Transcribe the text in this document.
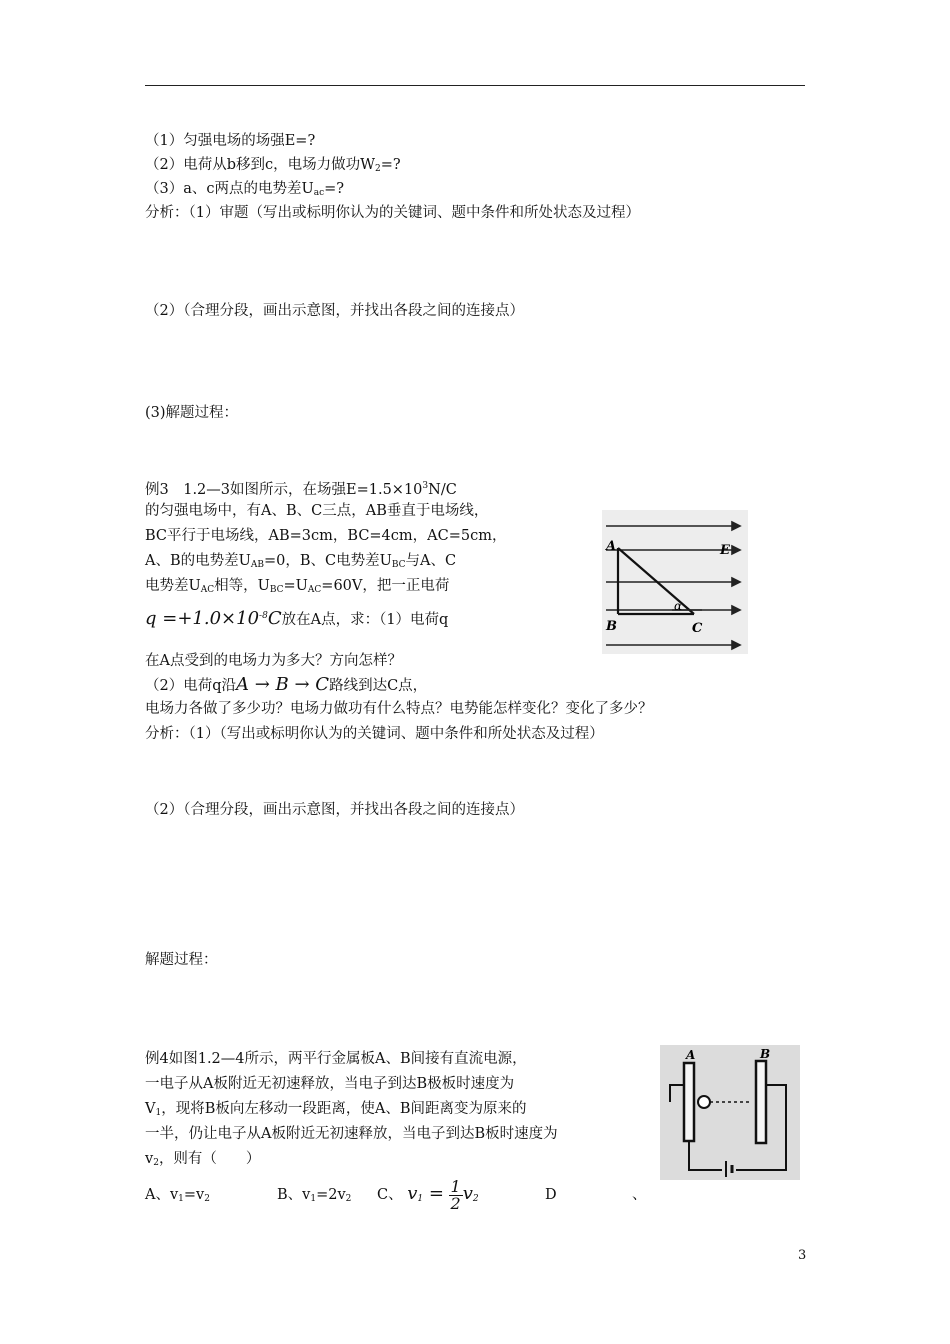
（1）匀强电场的场强E=?
（2）电荷从b移到c，电场力做功$W_2=$?
（3）a、c两点的电势差$U_{ac}=$?
分析：（1）审题（写出或标明你认为的关键词、题中条件和所处状态及过程）
（2）（合理分段，画出示意图，并找出各段之间的连接点）
(3)解题过程：
例3　1.2—3如图所示，在场强$E=1.5\times 10^3N/C$
的匀强电场中，有A、B、C三点，AB垂直于电场线，
BC平行于电场线，AB=3cm，BC=4cm，AC=5cm，
A、B的电势差$U_{AB}=0$，B、C电势差$U_{BC}$与A、C
电势差$U_{AC}$相等，$U_{BC}=U_{AC}=60V$，把一正电荷
$q =+1.0\times 10^{-8}C$放在A点，求：（1）电荷q
在A点受到的电场力为多大？方向怎样？
（2）电荷q沿A → B → C路线到达C点，
电场力各做了多少功？电场力做功有什么特点？电势能怎样变化？变化了多少？
分析：（1）（写出或标明你认为的关键词、题中条件和所处状态及过程）
（2）（合理分段，画出示意图，并找出各段之间的连接点）
解题过程：
A
B	C
E
α
例4如图1.2—4所示，两平行金属板A、B间接有直流电源，
一电子从A板附近无初速释放，当电子到达B极板时速度为
$V_1$，现将B板向左移动一段距离，使A、B间距离变为原来的
一半，仍让电子从A板附近无初速释放，当电子到达B板时速度为
$v_2$，则有（　　）
A、$v_1=v_2$	B、$v_1=2v_2$ C、 $v_1 = \frac{1}{2} v_2$	D	、
A	B
3
